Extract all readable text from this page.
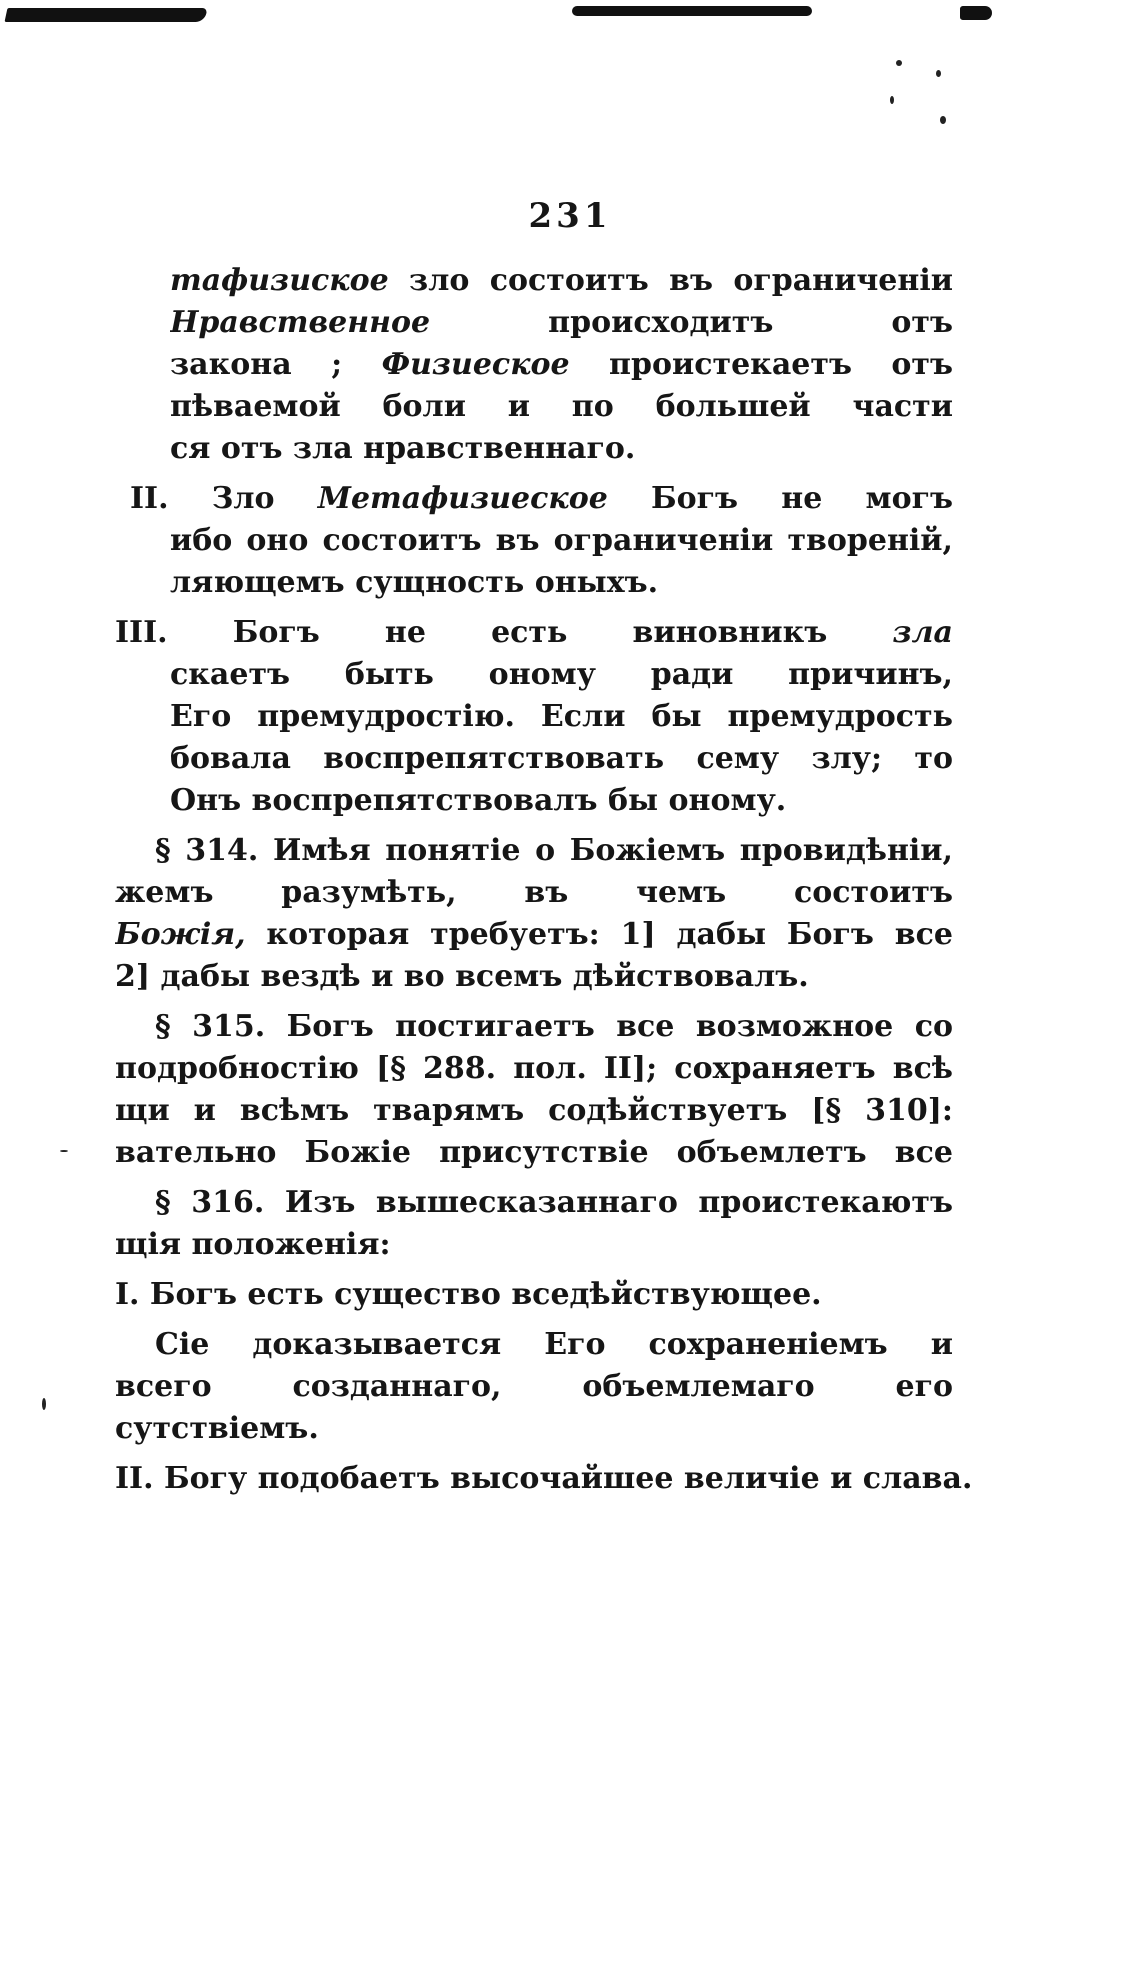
231
тафизиское зло состоитъ въ ограниченіи
Нравственное	происходитъ отъ
закона ; Физиеское проистекаетъ отъ
пѣваемой боли и по большей части
ся отъ зла нравственнаго.
II. Зло Метафизиеское Богъ не могъ
ибо оно состоитъ въ ограниченіи твореній,
ляющемъ сущность оныхъ.
III. Богъ не есть виновникъ зла
скаетъ быть оному ради причинъ,
Его премудростію. Если бы премудрость
бовала воспрепятствовать сему злу; то
Онъ воспрепятствовалъ бы оному.
§ 314. Имѣя понятіе о Божіемъ провидѣніи,
жемъ разумѣть, въ чемъ состоитъ
Божія, которая требуетъ: 1] дабы Богъ все
2] дабы вездѣ и во всемъ дѣйствовалъ.
§ 315. Богъ постигаетъ все возможное со
подробностію [§ 288. пол. II]; сохраняетъ всѣ
щи и всѣмъ тварямъ содѣйствуетъ [§ 310]:
вательно Божіе присутствіе объемлетъ все
§ 316. Изъ вышесказаннаго проистекаютъ
щія положенія:
I. Богъ есть существо вседѣйствующее.
Сіе доказывается Его сохраненіемъ и
всего созданнаго, объемлемаго его
сутствіемъ.
II. Богу подобаетъ высочайшее величіе и слава.
